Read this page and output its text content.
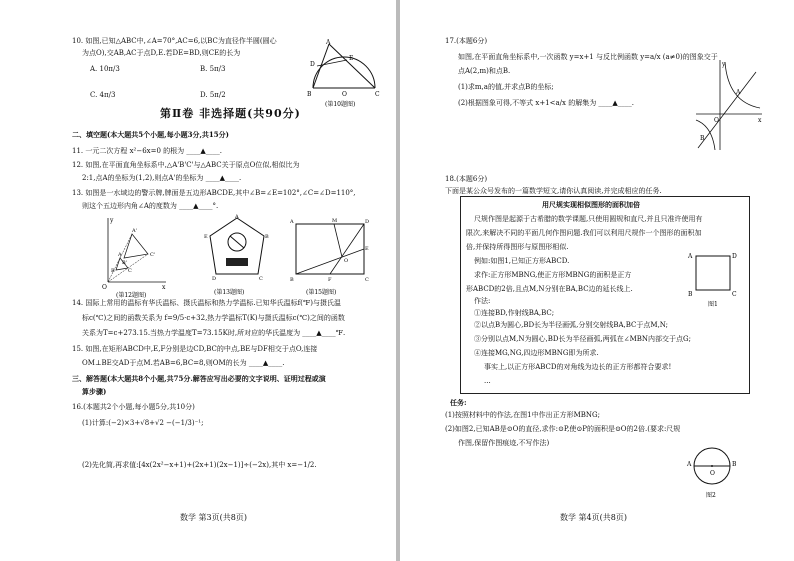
10. 如图,已知△ABC中,∠A=70°,AC=6,以BC为直径作半圆(圆心
为点O),交AB,AC于点D,E.若DE=BD,则CE的长为
A. 10π/3	B. 5π/3
C. 4π/3	D. 5π/2
A
E
D
B	O	C
(第10题图)
第Ⅱ卷 非选择题(共90分)
二、填空题(本大题共5个小题,每小题3分,共15分)
11. 一元二次方程 x²−6x=0 的根为 ____▲____.
12. 如图,在平面直角坐标系中,△A'B'C'与△ABC关于原点O位似,相似比为
2:1,点A的坐标为(1,2),则点A'的坐标为 ____▲____.
13. 如图是一水域边的警示牌,牌面是五边形ABCDE,其中∠B=∠E=102°,∠C=∠D=110°,
则这个五边形内角∠A的度数为 ____▲____°.
y
A
B	C
A'
B'
C'
O	x
(第12题图)
A
B
C
D
E
(第13题图)
A	M
E
D
B	F
O
C
(第15题图)
14. 国际上常用的温标有华氏温标、摄氏温标和热力学温标.已知华氏温标f(℉)与摄氏温
标c(℃)之间的函数关系为 f=9/5·c+32,热力学温标T(K)与摄氏温标c(℃)之间的函数
关系为T=c+273.15.当热力学温度T=73.15K时,所对应的华氏温度为 ____▲____℉.
15. 如图,在矩形ABCD中,E,F分别是边CD,BC的中点,BE与DF相交于点O,连接
OM⊥BE交AD于点M.若AB=6,BC=8,则OM的长为 ____▲____.
三、解答题(本大题共8个小题,共75分.解答应写出必要的文字说明、证明过程或演
算步骤)
16.(本题共2个小题,每小题5分,共10分)
(1)计算:(−2)×3+√8+√2 −(−1/3)⁻¹;
(2)先化简,再求值:[4x(2x²−x+1)+(2x+1)(2x−1)]÷(−2x),其中 x=−1/2.
数学 第3页(共8页)
17.(本题6分)
如图,在平面直角坐标系中,一次函数 y=x+1 与反比例函数 y=a/x (a≠0)的图象交于
点A(2,m)和点B.
(1)求m,a的值,并求点B的坐标;
(2)根据图象可得,不等式 x+1<a/x 的解集为 ____▲____.
y
A
O	x
B
18.(本题6分)
下面是某公众号发布的一篇数学短文,请你认真阅读,并完成相应的任务.
用尺规实现相似图形的面积加倍
尺规作图是起源于古希腊的数学课题,只使用圆规和直尺,并且只准许使用有
限次,来解决不同的平面几何作图问题.我们可以利用尺规作一个图形的面积加
倍,并保持所得图形与原图形相似.
例如:如图1,已知正方形ABCD.
求作:正方形MBNG,使正方形MBNG的面积是正方
形ABCD的2倍,且点M,N分别在BA,BC边的延长线上.
作法:
①连接BD,作射线BA,BC;
②以点B为圆心,BD长为半径画弧,分别交射线BA,BC于点M,N;
③分别以点M,N为圆心,BD长为半径画弧,两弧在∠MBN内部交于点G;
④连接MG,NG,四边形MBNG即为所求.
事实上,以正方形ABCD的对角线为边长的正方形都符合要求!
...
A	D
B	C
图1
任务:
(1)按照材料中的作法,在图1中作出正方形MBNG;
(2)如图2,已知AB是⊙O的直径,求作:⊙P,使⊙P的面积是⊙O的2倍.(要求:尺规
作图,保留作图痕迹,不写作法)
A
O
B
图2
数学 第4页(共8页)
